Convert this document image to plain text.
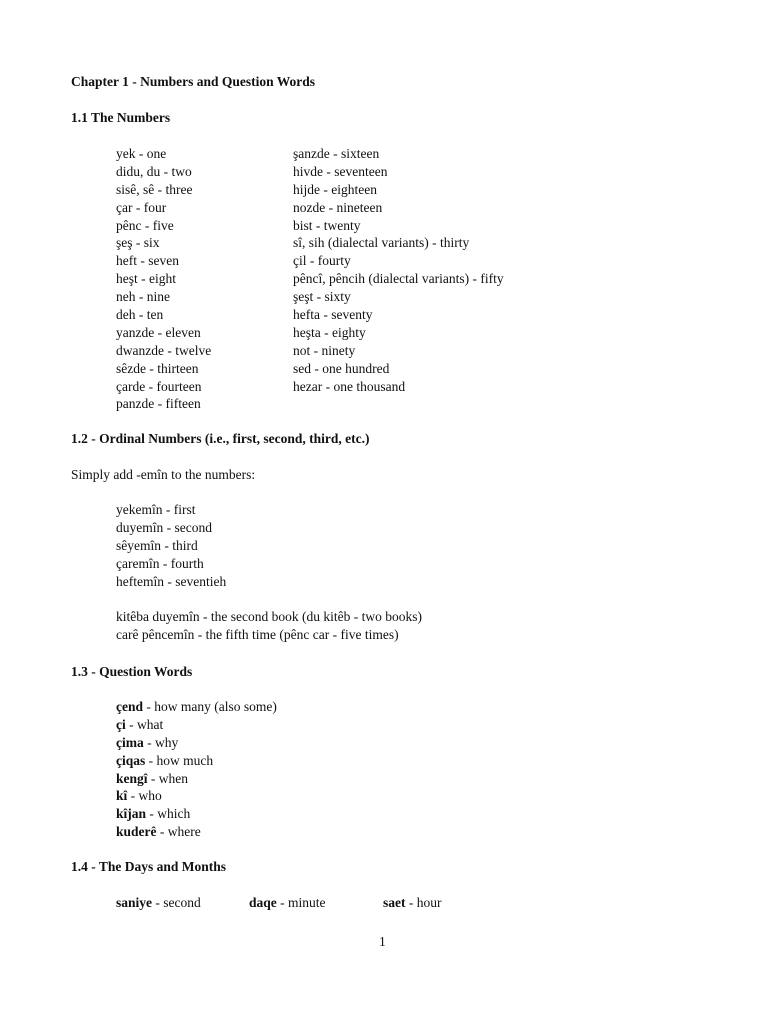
Chapter 1 - Numbers and Question Words
1.1 The Numbers
yek - one
didu, du - two
sisê, sê - three
çar - four
pênc - five
şeş - six
heft - seven
heşt - eight
neh - nine
deh - ten
yanzde - eleven
dwanzde - twelve
sêzde - thirteen
çarde - fourteen
panzde - fifteen
şanzde - sixteen
hivde - seventeen
hijde - eighteen
nozde - nineteen
bist - twenty
sî, sih (dialectal variants) - thirty
çil - fourty
pêncî, pêncih (dialectal variants) - fifty
şeşt - sixty
hefta - seventy
heşta - eighty
not - ninety
sed - one hundred
hezar - one thousand
1.2 - Ordinal Numbers (i.e., first, second, third, etc.)
Simply add -emîn to the numbers:
yekemîn - first
duyemîn - second
sêyemîn - third
çaremîn - fourth
heftemîn - seventieh
kitêba duyemîn - the second book (du kitêb - two books)
carê pêncemîn - the fifth time (pênc car - five times)
1.3 - Question Words
çend - how many (also some)
çi - what
çima - why
çiqas - how much
kengî - when
kî - who
kîjan - which
kuderê - where
1.4 - The Days and Months
saniye - second	daqe - minute	saet - hour
1
